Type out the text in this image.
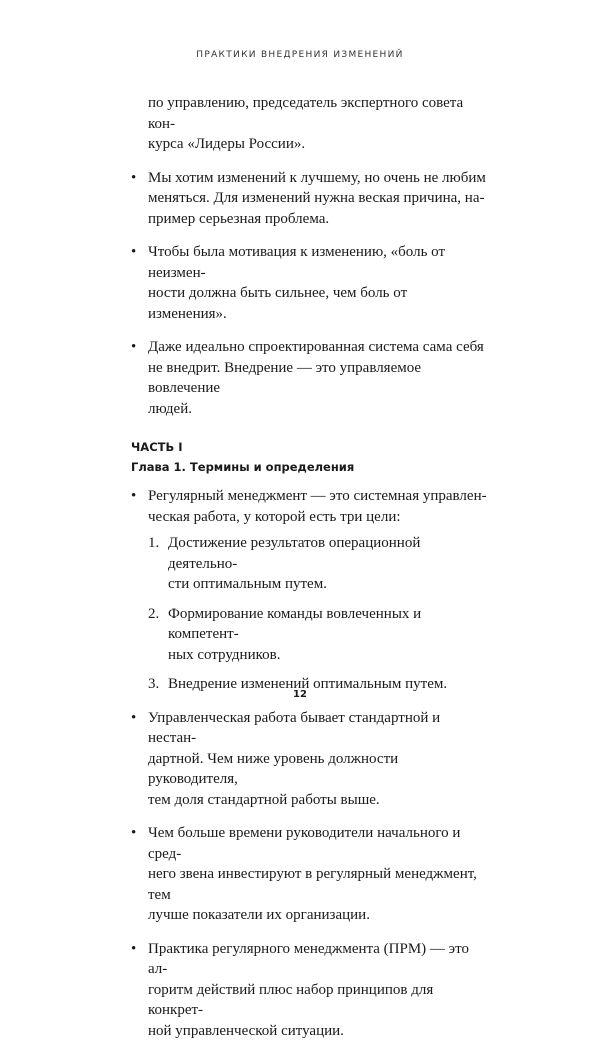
ПРАКТИКИ ВНЕДРЕНИЯ ИЗМЕНЕНИЙ
по управлению, председатель экспертного совета кон-
курса «Лидеры России».
• Мы хотим изменений к лучшему, но очень не любим
меняться. Для изменений нужна веская причина, на-
пример серьезная проблема.
• Чтобы была мотивация к изменению, «боль от неизмен-
ности должна быть сильнее, чем боль от изменения».
• Даже идеально спроектированная система сама себя
не внедрит. Внедрение — это управляемое вовлечение
людей.
ЧАСТЬ I
Глава 1. Термины и определения
• Регулярный менеджмент — это системная управлен-
ческая работа, у которой есть три цели:
1. Достижение результатов операционной деятельно-
сти оптимальным путем.
2. Формирование команды вовлеченных и компетент-
ных сотрудников.
3. Внедрение изменений оптимальным путем.
• Управленческая работа бывает стандартной и нестан-
дартной. Чем ниже уровень должности руководителя,
тем доля стандартной работы выше.
• Чем больше времени руководители начального и сред-
него звена инвестируют в регулярный менеджмент, тем
лучше показатели их организации.
• Практика регулярного менеджмента (ПРМ) — это ал-
горитм действий плюс набор принципов для конкрет-
ной управленческой ситуации.
12
